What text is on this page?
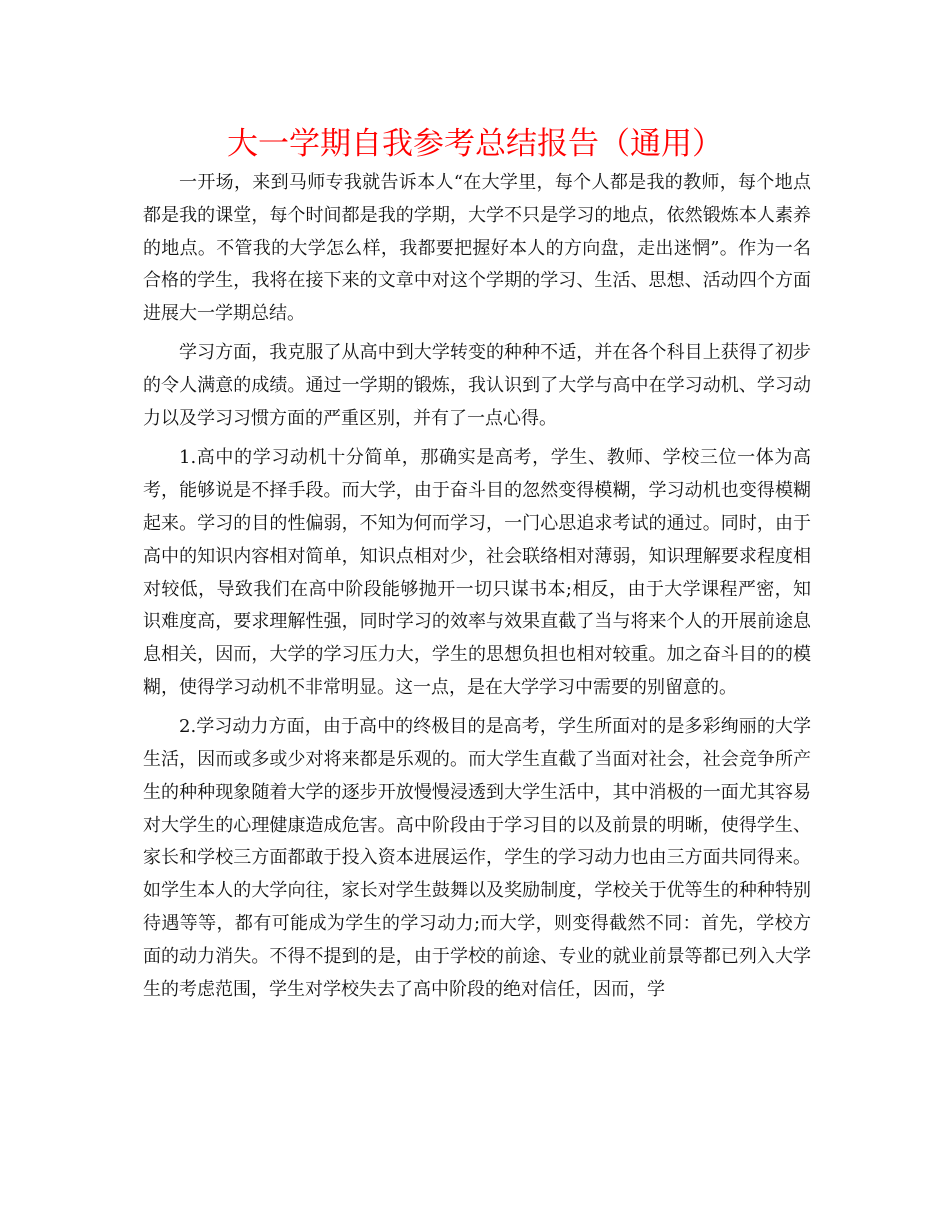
大一学期自我参考总结报告（通用）

一开场，来到马师专我就告诉本人“在大学里，每个人都是我的教师，每个地点都是我的课堂，每个时间都是我的学期，大学不只是学习的地点，依然锻炼本人素养的地点。不管我的大学怎么样，我都要把握好本人的方向盘，走出迷惘”。作为一名合格的学生，我将在接下来的文章中对这个学期的学习、生活、思想、活动四个方面进展大一学期总结。

学习方面，我克服了从高中到大学转变的种种不适，并在各个科目上获得了初步的令人满意的成绩。通过一学期的锻炼，我认识到了大学与高中在学习动机、学习动力以及学习习惯方面的严重区别，并有了一点心得。

1.高中的学习动机十分简单，那确实是高考，学生、教师、学校三位一体为高考，能够说是不择手段。而大学，由于奋斗目的忽然变得模糊，学习动机也变得模糊起来。学习的目的性偏弱，不知为何而学习，一门心思追求考试的通过。同时，由于高中的知识内容相对简单，知识点相对少，社会联络相对薄弱，知识理解要求程度相对较低，导致我们在高中阶段能够抛开一切只谋书本;相反，由于大学课程严密，知识难度高，要求理解性强，同时学习的效率与效果直截了当与将来个人的开展前途息息相关，因而，大学的学习压力大，学生的思想负担也相对较重。加之奋斗目的的模糊，使得学习动机不非常明显。这一点，是在大学学习中需要的别留意的。

2.学习动力方面，由于高中的终极目的是高考，学生所面对的是多彩绚丽的大学生活，因而或多或少对将来都是乐观的。而大学生直截了当面对社会，社会竞争所产生的种种现象随着大学的逐步开放慢慢浸透到大学生活中，其中消极的一面尤其容易对大学生的心理健康造成危害。高中阶段由于学习目的以及前景的明晰，使得学生、家长和学校三方面都敢于投入资本进展运作，学生的学习动力也由三方面共同得来。如学生本人的大学向往，家长对学生鼓舞以及奖励制度，学校关于优等生的种种特别待遇等等，都有可能成为学生的学习动力;而大学，则变得截然不同：首先，学校方面的动力消失。不得不提到的是，由于学校的前途、专业的就业前景等都已列入大学生的考虑范围，学生对学校失去了高中阶段的绝对信任，因而，学
